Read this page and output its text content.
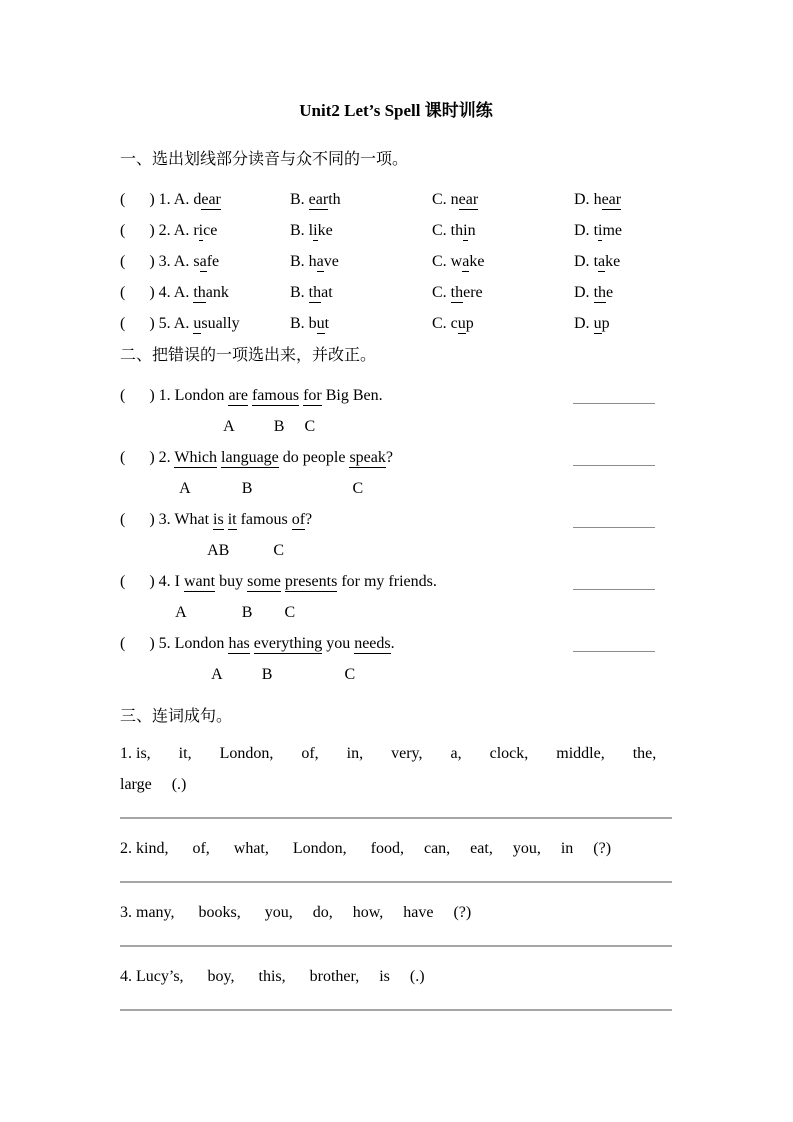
Unit2 Let’s Spell 课时训练
一、选出划线部分读音与众不同的一项。
(      ) 1. A. dear	B. earth	C. near	D. hear
(      ) 2. A. rice	B. like	C. thin	D. time
(      ) 3. A. safe	B. have	C. wake	D. take
(      ) 4. A. thank	B. that	C. there	D. the
(      ) 5. A. usually	B. but	C. cup	D. up
二、把错误的一项选出来，并改正。
(      ) 1. London are famous for Big Ben.
A          B     C
(      ) 2. Which language do people speak?
A             B                         C
(      ) 3. What is it famous of?
AB           C
(      ) 4. I want buy some presents for my friends.
A              B        C
(      ) 5. London has everything you needs.
A          B                  C
三、连词成句。
1. is,       it,       London,       of,       in,       very,       a,       clock,       middle,       the,
large     (.)
2. kind,      of,      what,      London,      food,     can,     eat,     you,     in     (?)
3. many,      books,      you,     do,     how,     have     (?)
4. Lucy’s,      boy,      this,      brother,     is     (.)
